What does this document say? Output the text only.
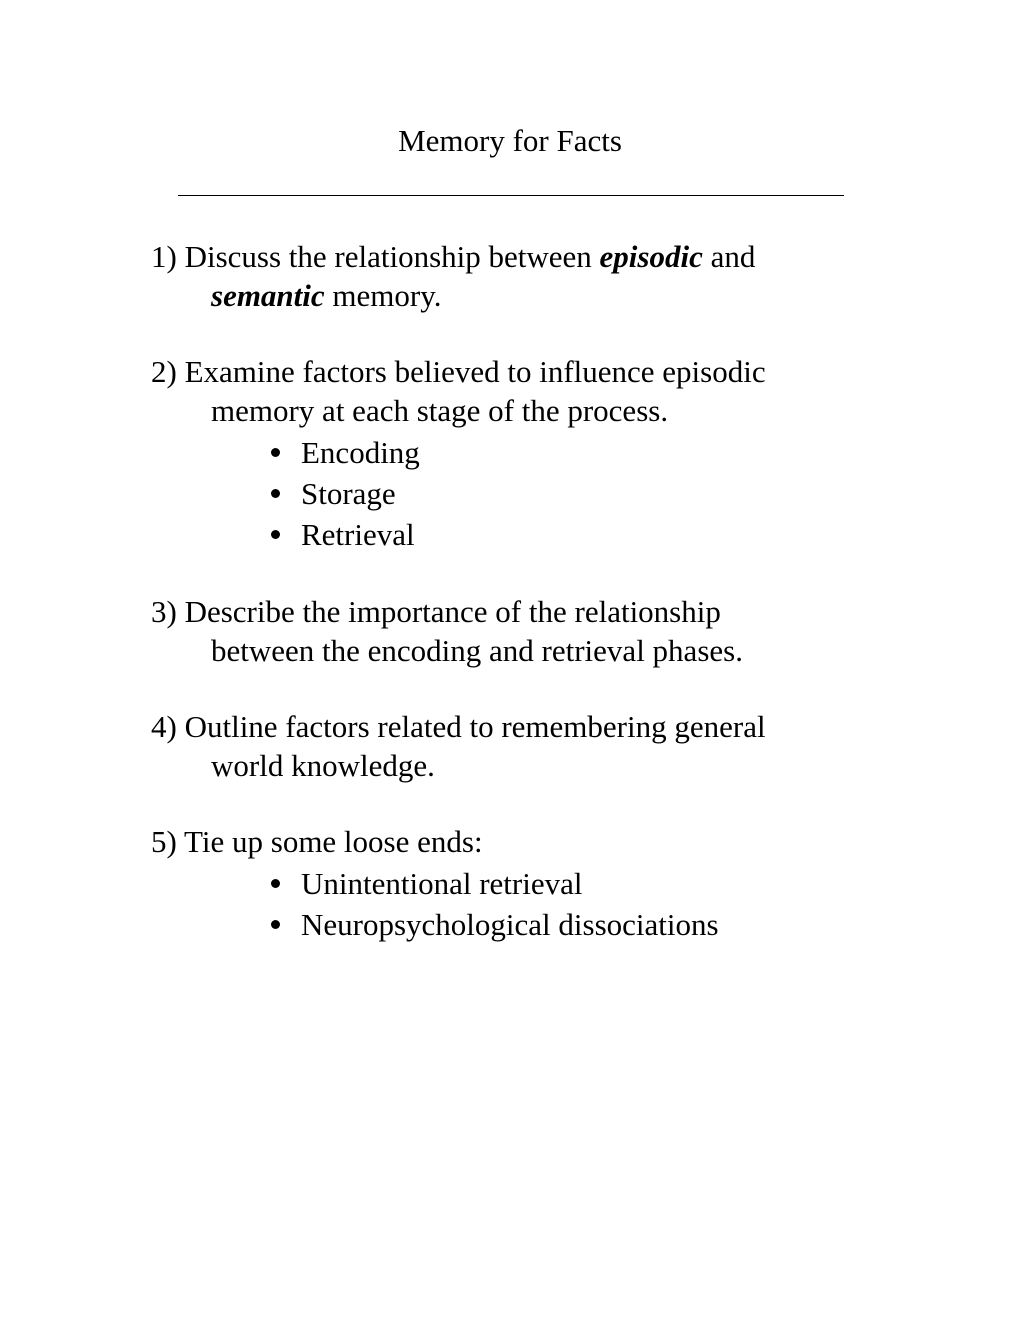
Memory for Facts
1) Discuss the relationship between episodic and
semantic memory.
2) Examine factors believed to influence episodic
memory at each stage of the process.
Encoding
Storage
Retrieval
3) Describe the importance of the relationship
between the encoding and retrieval phases.
4) Outline factors related to remembering general
world knowledge.
5) Tie up some loose ends:
Unintentional retrieval
Neuropsychological dissociations
